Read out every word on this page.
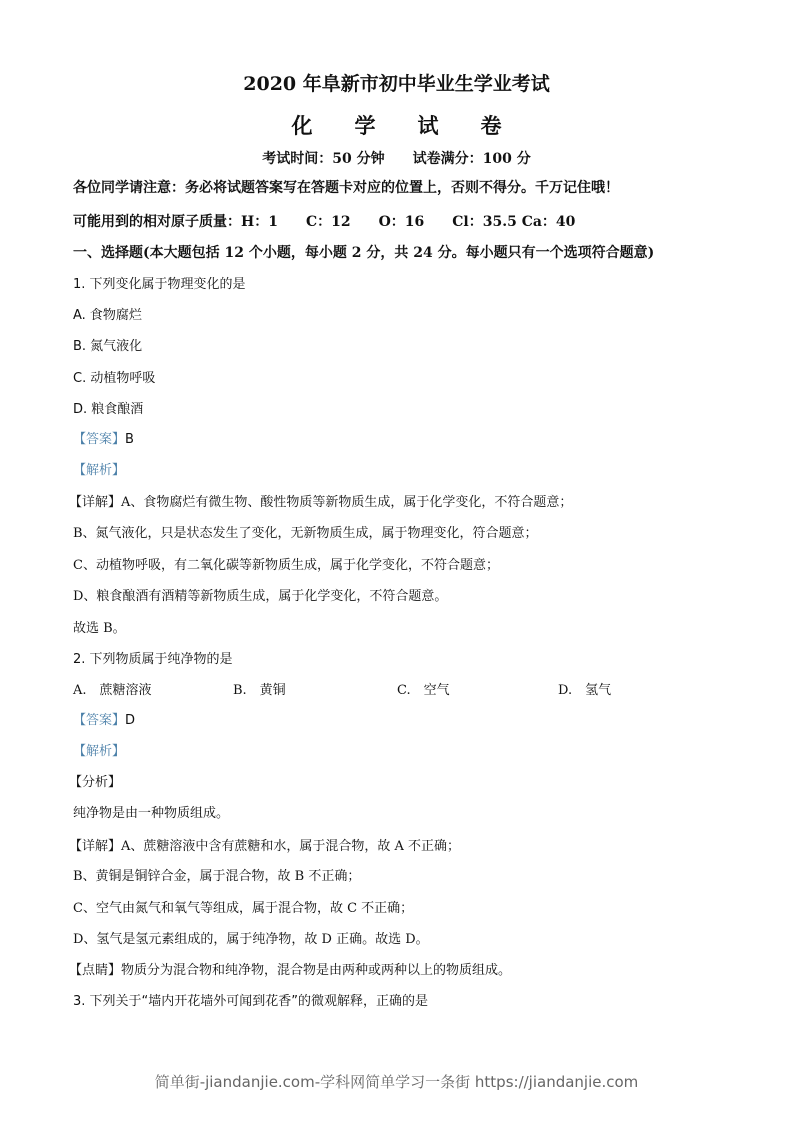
2020 年阜新市初中毕业生学业考试
化　　学　　试　　卷
考试时间：50 分钟　　试卷满分：100 分
各位同学请注意：务必将试题答案写在答题卡对应的位置上，否则不得分。千万记住哦！
可能用到的相对原子质量：H：1　　C：12　　O：16　　Cl：35.5 Ca：40
一、选择题(本大题包括 12 个小题，每小题 2 分，共 24 分。每小题只有一个选项符合题意)
1. 下列变化属于物理变化的是
A. 食物腐烂
B. 氮气液化
C. 动植物呼吸
D. 粮食酿酒
【答案】B
【解析】
【详解】A、食物腐烂有微生物、酸性物质等新物质生成，属于化学变化，不符合题意；
B、氮气液化，只是状态发生了变化，无新物质生成，属于物理变化，符合题意；
C、动植物呼吸，有二氧化碳等新物质生成，属于化学变化，不符合题意；
D、粮食酿酒有酒精等新物质生成，属于化学变化，不符合题意。
故选 B。
2. 下列物质属于纯净物的是
A.　蔗糖溶液	B.　黄铜	C.　空气	D.　氢气
【答案】D
【解析】
【分析】
纯净物是由一种物质组成。
【详解】A、蔗糖溶液中含有蔗糖和水，属于混合物，故 A 不正确；
B、黄铜是铜锌合金，属于混合物，故 B 不正确；
C、空气由氮气和氧气等组成，属于混合物，故 C 不正确；
D、氢气是氢元素组成的，属于纯净物，故 D 正确。故选 D。
【点睛】物质分为混合物和纯净物，混合物是由两种或两种以上的物质组成。
3. 下列关于“墙内开花墙外可闻到花香”的微观解释，正确的是
简单街-jiandanjie.com-学科网简单学习一条街 https://jiandanjie.com
